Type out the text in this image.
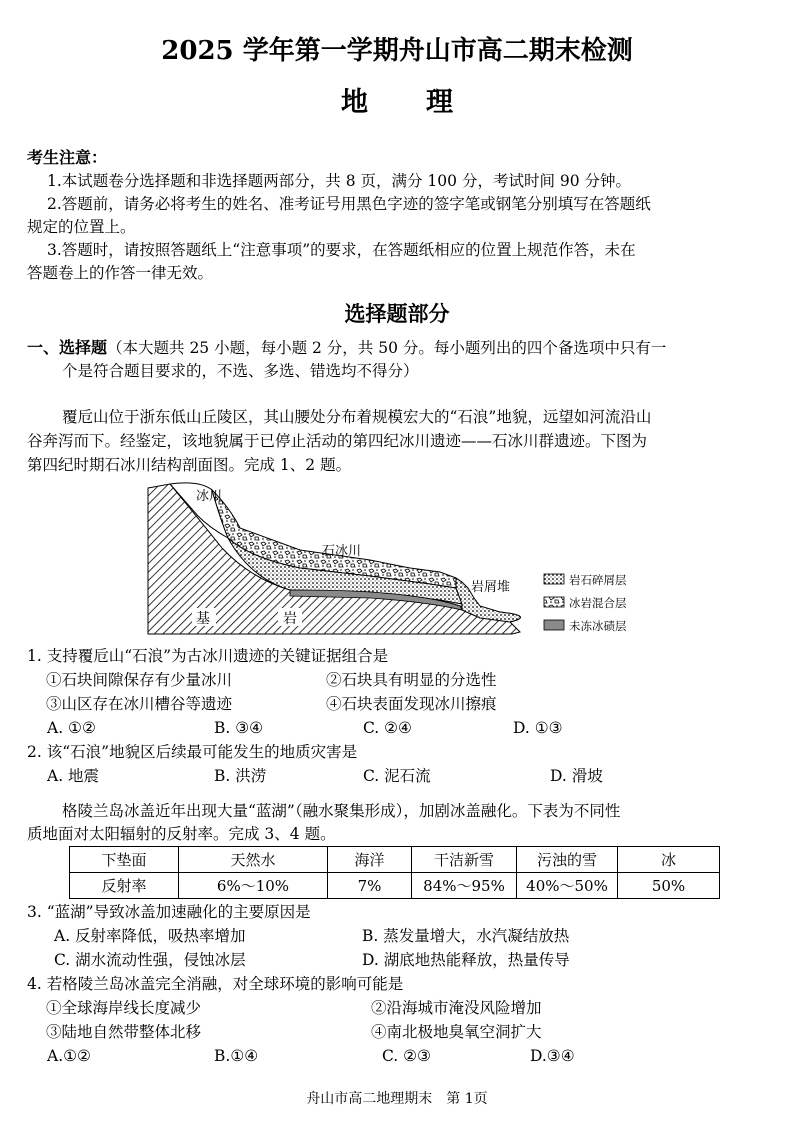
2025 学年第一学期舟山市高二期末检测
地理
考生注意：
1.本试题卷分选择题和非选择题两部分，共 8 页，满分 100 分，考试时间 90 分钟。
2.答题前，请务必将考生的姓名、准考证号用黑色字迹的签字笔或钢笔分别填写在答题纸
规定的位置上。
3.答题时，请按照答题纸上“注意事项”的要求，在答题纸相应的位置上规范作答，未在
答题卷上的作答一律无效。
选择题部分
一、选择题（本大题共 25 小题，每小题 2 分，共 50 分。每小题列出的四个备选项中只有一
个是符合题目要求的，不选、多选、错选均不得分）
覆卮山位于浙东低山丘陵区，其山腰处分布着规模宏大的“石浪”地貌，远望如河流沿山
谷奔泻而下。经鉴定，该地貌属于已停止活动的第四纪冰川遗迹——石冰川群遗迹。下图为
第四纪时期石冰川结构剖面图。完成 1、2 题。
冰川
石冰川
岩屑堆
基	岩
岩石碎屑层
冰岩混合层
未冻冰碛层
1. 支持覆卮山“石浪”为古冰川遗迹的关键证据组合是
①石块间隙保存有少量冰川	②石块具有明显的分选性
③山区存在冰川槽谷等遗迹	④石块表面发现冰川擦痕
A. ①②	B. ③④	C. ②④	D. ①③
2. 该“石浪”地貌区后续最可能发生的地质灾害是
A. 地震	B. 洪涝	C. 泥石流	D. 滑坡
格陵兰岛冰盖近年出现大量“蓝湖”（融水聚集形成），加剧冰盖融化。下表为不同性
质地面对太阳辐射的反射率。完成 3、4 题。
下垫面	天然水	海洋	干洁新雪	污浊的雪	冰
反射率	6%～10%	7%	84%～95%	40%～50%	50%
3. “蓝湖”导致冰盖加速融化的主要原因是
A. 反射率降低，吸热率增加	B. 蒸发量增大，水汽凝结放热
C. 湖水流动性强，侵蚀冰层	D. 湖底地热能释放，热量传导
4. 若格陵兰岛冰盖完全消融，对全球环境的影响可能是
①全球海岸线长度减少	②沿海城市淹没风险增加
③陆地自然带整体北移	④南北极地臭氧空洞扩大
A.①②	B.①④	C. ②③	D.③④
舟山市高二地理期末　第 1页
